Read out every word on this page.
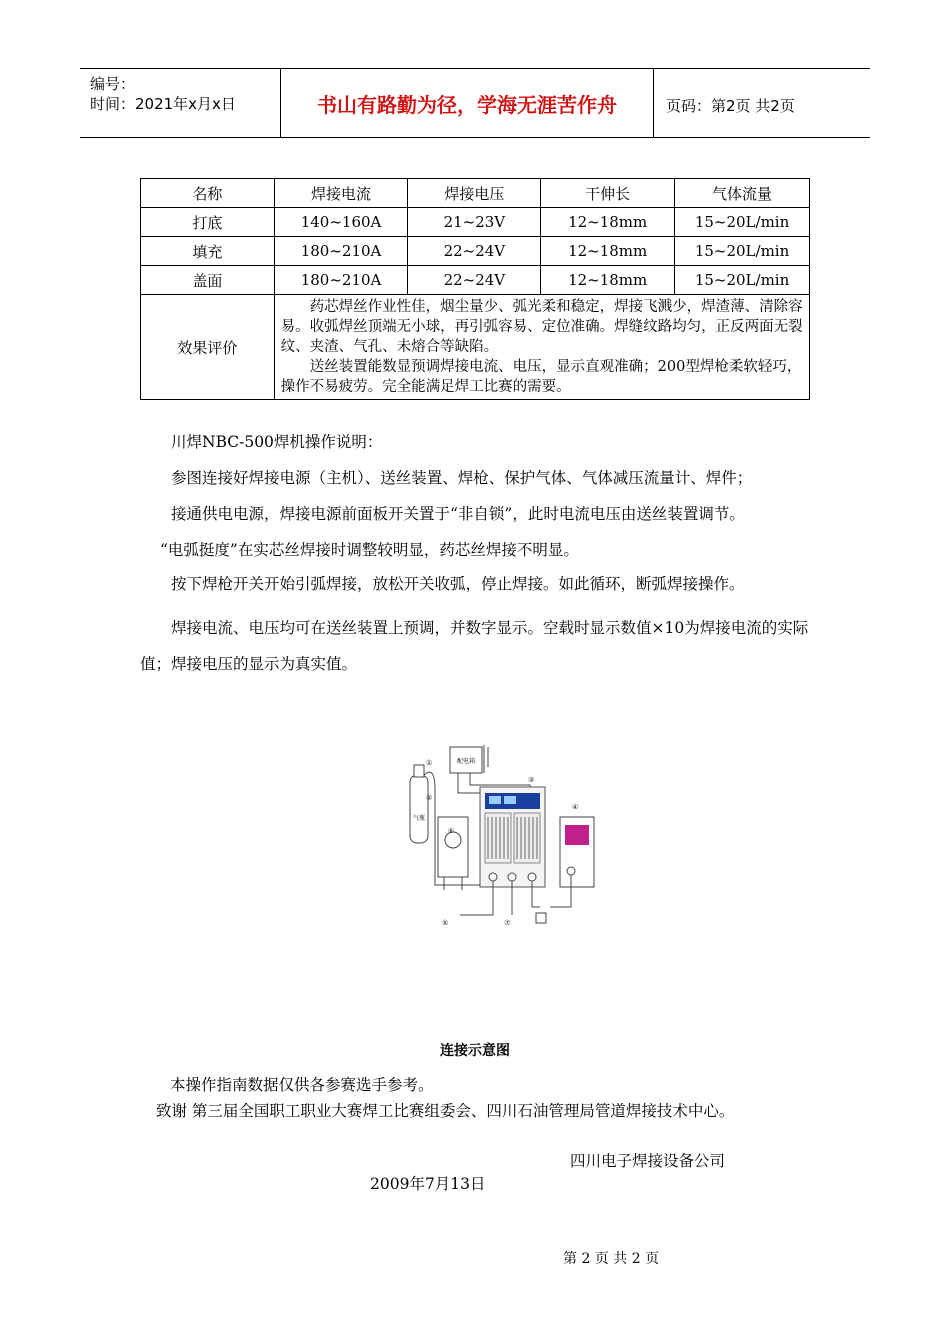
编号：
时间：2021年x月x日	书山有路勤为径，学海无涯苦作舟	页码：第2页 共2页
名称	焊接电流	焊接电压	干伸长	气体流量
打底	140~160A	21~23V	12~18mm	15~20L/min
填充	180~210A	22~24V	12~18mm	15~20L/min
盖面	180~210A	22~24V	12~18mm	15~20L/min
效果评价	药芯焊丝作业性佳，烟尘量少、弧光柔和稳定，焊接飞溅少，焊渣薄、清除容易。收弧焊丝顶端无小球，再引弧容易、定位准确。焊缝纹路均匀，正反两面无裂纹、夹渣、气孔、未熔合等缺陷。
送丝装置能数显预调焊接电流、电压，显示直观准确；200型焊枪柔软轻巧，操作不易疲劳。完全能满足焊工比赛的需要。			
川焊NBC-500焊机操作说明：
参图连接好焊接电源（主机）、送丝装置、焊枪、保护气体、气体减压流量计、焊件；
接通供电电源，焊接电源前面板开关置于“非自锁”，此时电流电压由送丝装置调节。
“电弧挺度”在实芯丝焊接时调整较明显，药芯丝焊接不明显。
按下焊枪开关开始引弧焊接，放松开关收弧，停止焊接。如此循环，断弧焊接操作。
焊接电流、电压均可在送丝装置上预调，并数字显示。空载时显示数值×10为焊接电流的实际值；焊接电压的显示为真实值。
配电箱
气瓶
①
②
③
④
⑤
⑥
⑦
连接示意图
本操作指南数据仅供各参赛选手参考。
致谢 第三届全国职工职业大赛焊工比赛组委会、四川石油管理局管道焊接技术中心。
四川电子焊接设备公司
2009年7月13日
第 2 页 共 2 页
